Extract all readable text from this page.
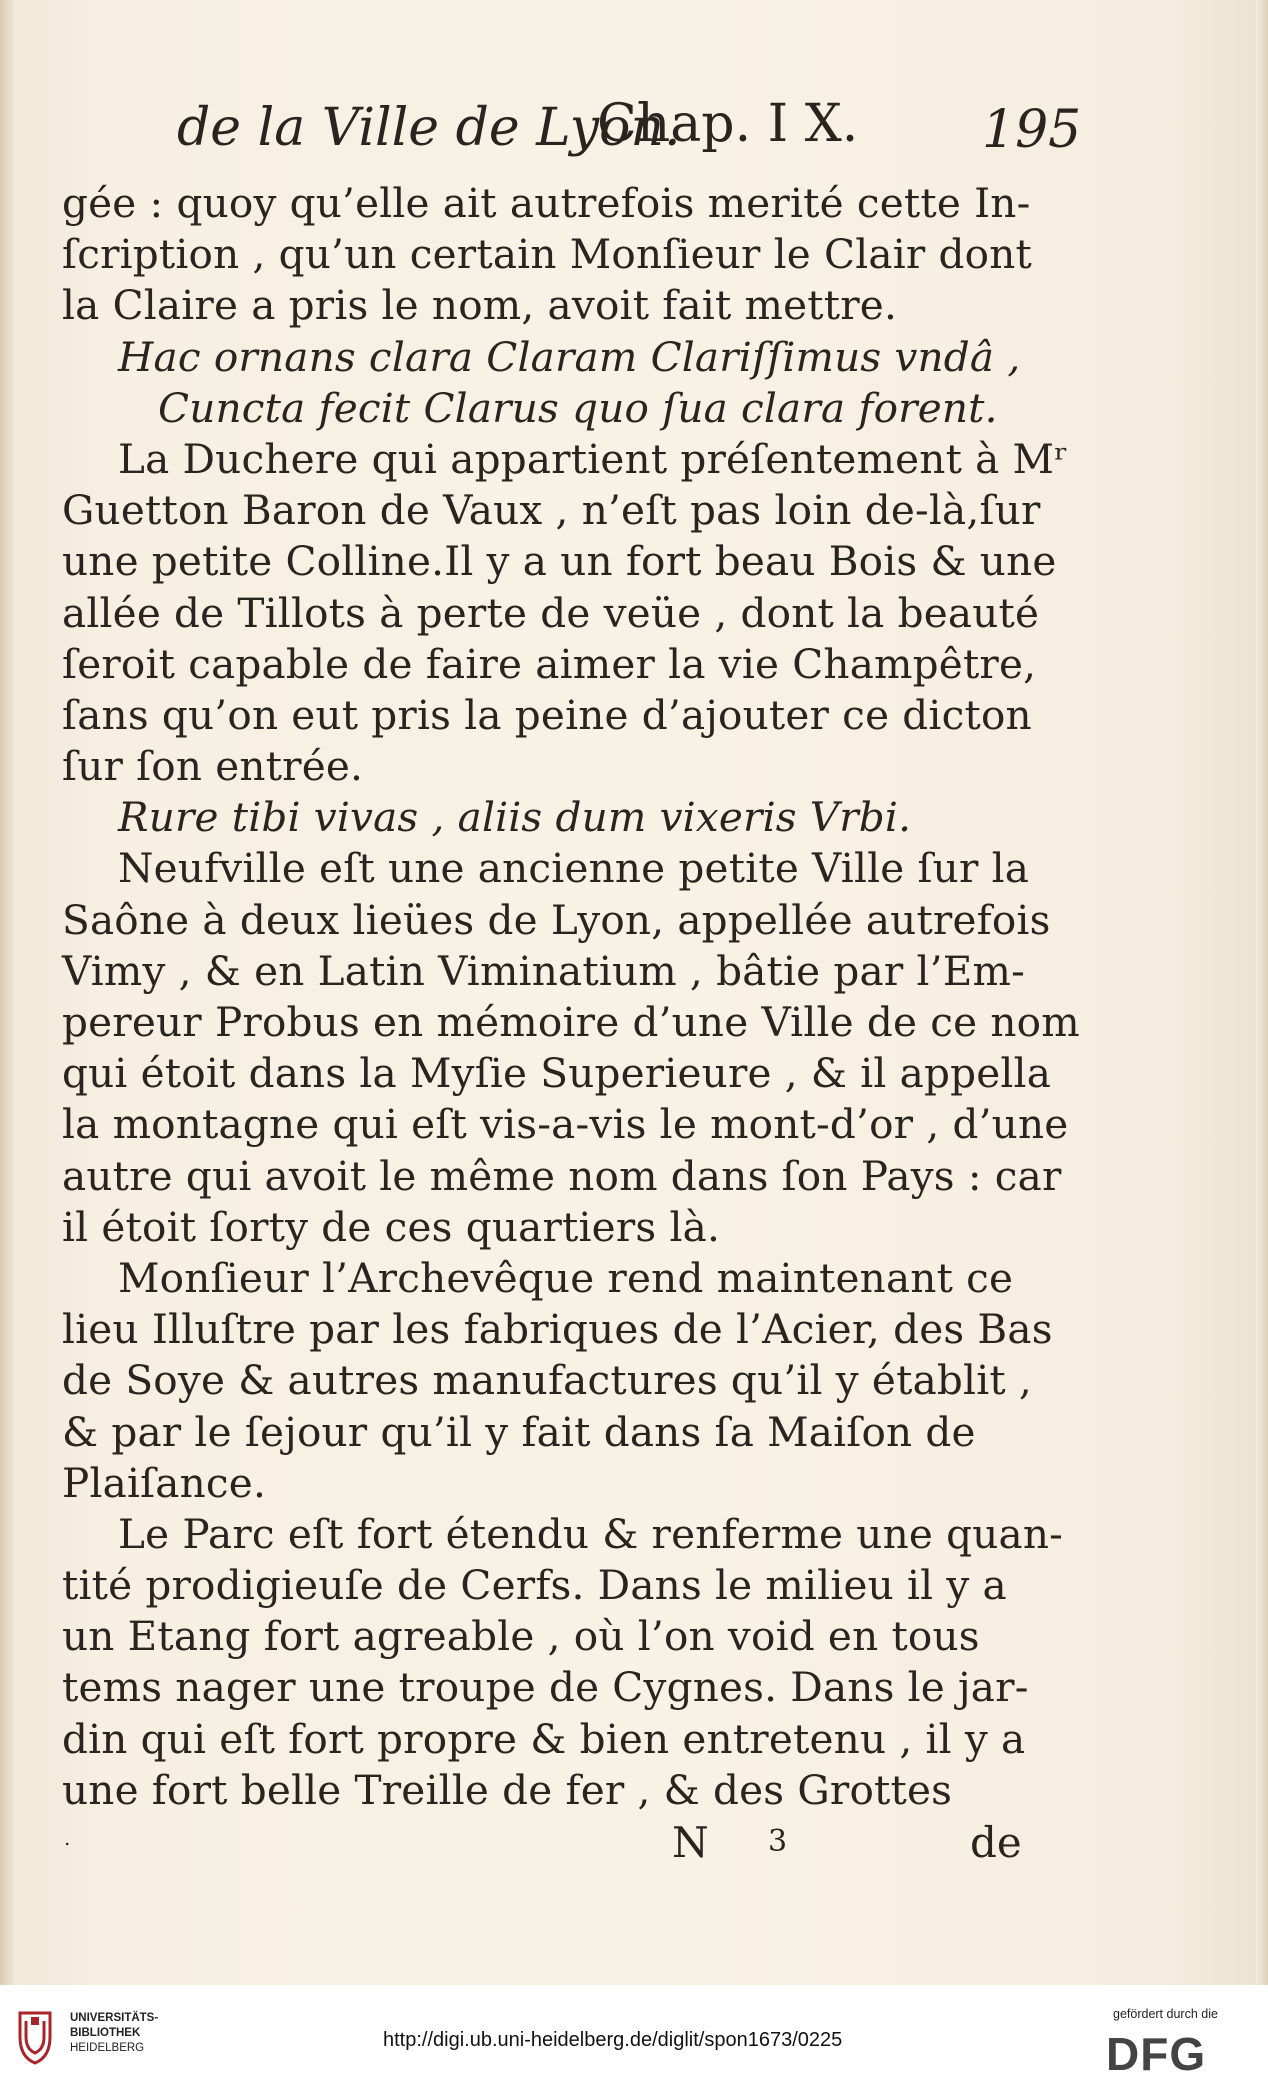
de la Ville de Lyon.
Chap. I X. 195
gée : quoy qu’elle ait autrefois merité cette In-
ſcription , qu’un certain Monſieur le Clair dont
la Claire a pris le nom, avoit fait mettre.
Hac ornans clara Claram Clariſſimus vndâ ,
Cuncta fecit Clarus quo ſua clara forent.
La Duchere qui appartient préſentement à Mʳ
Guetton Baron de Vaux , n’eſt pas loin de-là,ſur
une petite Colline.Il y a un fort beau Bois & une
allée de Tillots à perte de veüe , dont la beauté
ſeroit capable de faire aimer la vie Champêtre,
ſans qu’on eut pris la peine d’ajouter ce dicton
ſur ſon entrée.
Rure tibi vivas , aliis dum vixeris Vrbi.
Neufville eſt une ancienne petite Ville ſur la
Saône à deux lieües de Lyon, appellée autrefois
Vimy , & en Latin Viminatium , bâtie par l’Em-
pereur Probus en mémoire d’une Ville de ce nom
qui étoit dans la Myſie Superieure , & il appella
la montagne qui eſt vis-a-vis le mont-d’or , d’une
autre qui avoit le même nom dans ſon Pays : car
il étoit ſorty de ces quartiers là.
Monſieur l’Archevêque rend maintenant ce
lieu Illuſtre par les fabriques de l’Acier, des Bas
de Soye & autres manufactures qu’il y établit ,
& par le ſejour qu’il y fait dans ſa Maiſon de
Plaiſance.
Le Parc eſt fort étendu & renferme une quan-
tité prodigieuſe de Cerfs. Dans le milieu il y a
un Etang fort agreable , où l’on void en tous
tems nager une troupe de Cygnes. Dans le jar-
din qui eſt fort propre & bien entretenu , il y a
une fort belle Treille de fer , & des Grottes
.	N 3	de
UNIVERSITÄTS-
BIBLIOTHEK
HEIDELBERG	http://digi.ub.uni-heidelberg.de/diglit/spon1673/0225
gefördert durch die
DFG
